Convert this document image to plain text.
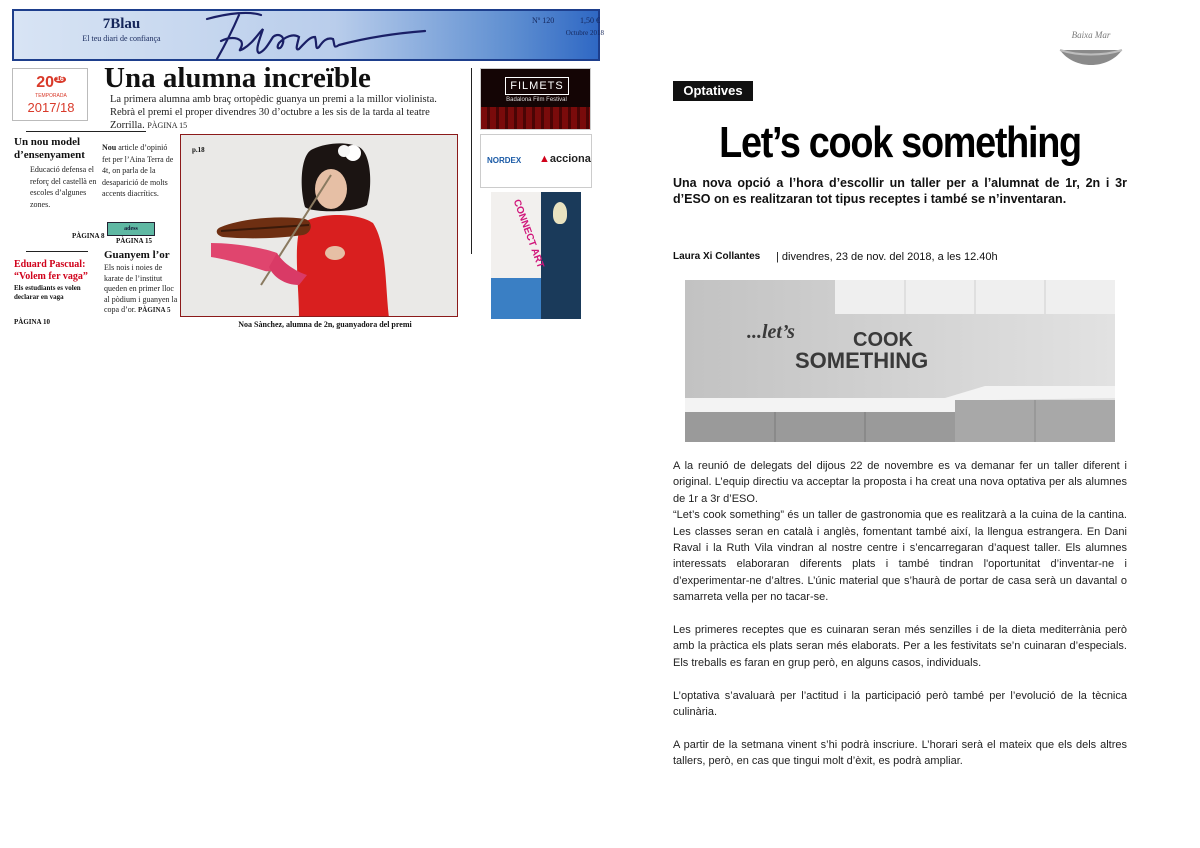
7Blau
El teu diari de confiança
Nº 120	1,50 €
Octubre 2018
20 $^{16}$
TEMPORADA
2017/18
Una alumna increïble
La primera alumna amb braç ortopèdic guanya un premi a la millor violinista. Rebrà el premi el proper divendres 30 d’octubre a les sis de la tarda al teatre Zorrilla. PÀGINA 15
Un nou model d’ensenyament
Educació defensa el reforç del castellà en escoles d’algunes zones.
PÀGINA 8
Eduard Pascual:
“Volem fer vaga”
Els estudiants es volen declarar en vaga
PÀGINA 10
Nou article d’opinió fet per l’Aina Terra de 4t, on parla de la desaparició de molts accents diacrítics.
adess
PÀGINA 15
Guanyem l’or
Els nois i noies de karate de l’institut queden en primer lloc al pòdium i guanyen la copa d’or. PÀGINA 5
p.18
Noa Sànchez, alumna de 2n, guanyadora del premi
FILMETS
Badalona Film Festival
NORDEX ▲acciona
CONNECT ART
Baixa Mar
Optatives
Let’s cook something
Una nova opció a l’hora d’escollir un taller per a l’alumnat de 1r, 2n i 3r d’ESO on es realitzaran tot tipus receptes i també se n’inventaran.
Laura Xi Collantes | divendres, 23 de nov. del 2018, a les 12.40h
...let’s	COOK
SOMETHING

A la reunió de delegats del dijous 22 de novembre es va demanar fer un taller diferent i original. L’equip directiu va acceptar la proposta i ha creat una nova optativa per als alumnes de 1r a 3r d’ESO.

“Let’s cook something” és un taller de gastronomia que es realitzarà a la cuina de la cantina. Les classes seran en català i anglès, fomentant també així, la llengua estrangera. En Dani Raval i la Ruth Vila vindran al nostre centre i s’encarregaran d’aquest taller. Els alumnes interessats elaboraran diferents plats i també tindran l'oportunitat d’inventar-ne i d’experimentar-ne d’altres. L’únic material que s’haurà de portar de casa serà un davantal o samarreta vella per no tacar-se.

Les primeres receptes que es cuinaran seran més senzilles i de la dieta mediterrània però amb la pràctica els plats seran més elaborats. Per a les festivitats se’n cuinaran d’especials. Els treballs es faran en grup però, en alguns casos, individuals.

L’optativa s’avaluarà per l’actitud i la participació però també per l’evolució de la tècnica culinària.

A partir de la setmana vinent s’hi podrà inscriure. L’horari serà el mateix que els dels altres tallers, però, en cas que tingui molt d’èxit, es podrà ampliar.
